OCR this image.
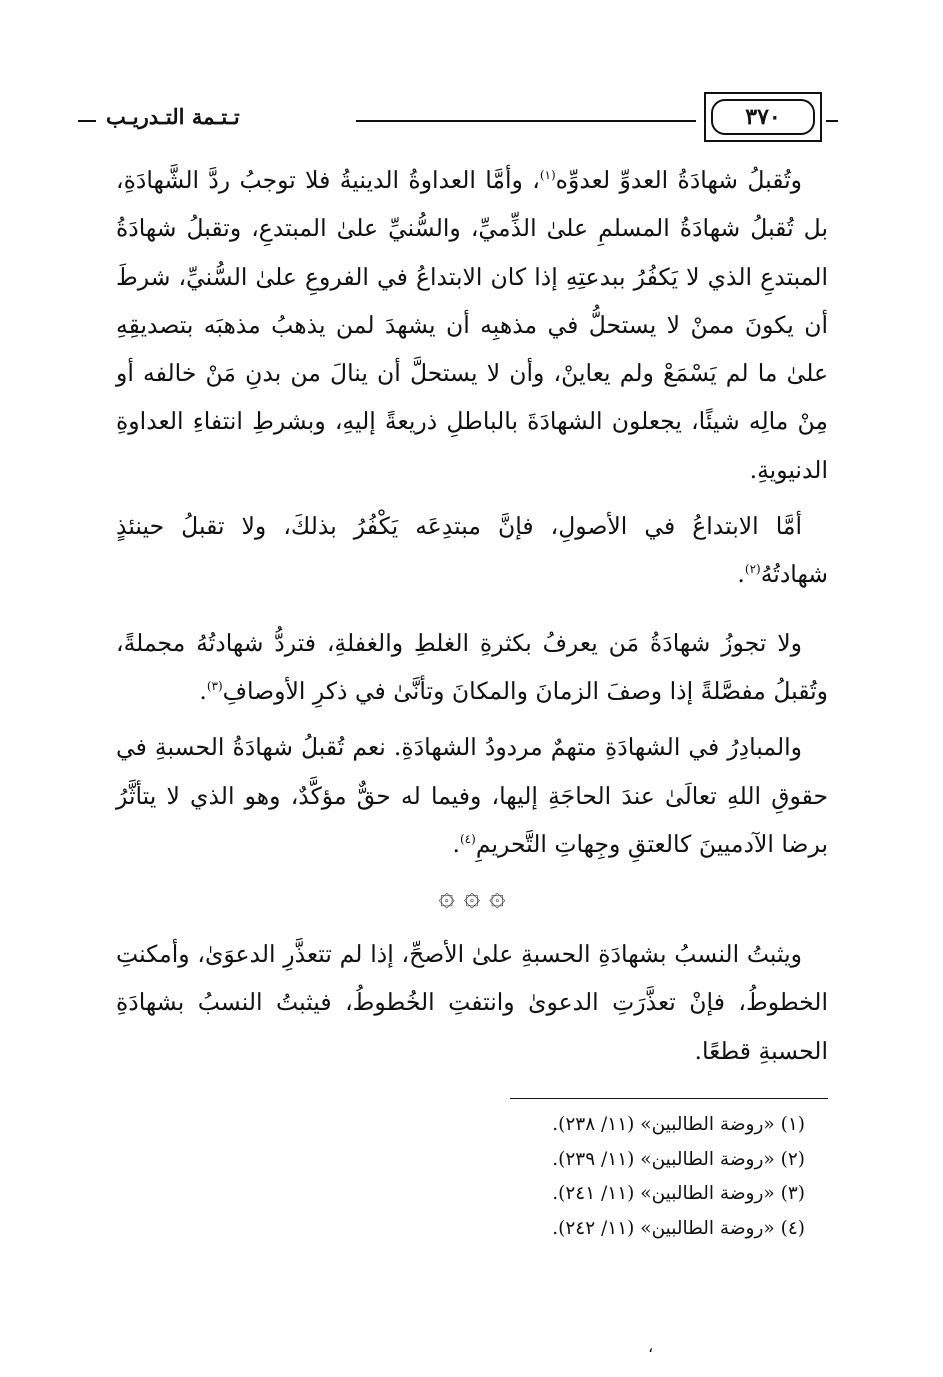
٣٧٠
تـتـمة التـدريـب

وتُقبلُ شهادَةُ العدوِّ لعدوِّه$^{(١)}$، وأمَّا العداوةُ الدينيةُ فلا توجبُ ردَّ الشَّهادَةِ، بل تُقبلُ شهادَةُ المسلمِ علىٰ الذِّميِّ، والسُّنيِّ علىٰ المبتدعِ، وتقبلُ شهادَةُ المبتدعِ الذي لا يَكفُرُ ببدعتِهِ إذا كان الابتداعُ في الفروعِ علىٰ السُّنيِّ، شرطَ أن يكونَ ممنْ لا يستحلُّ في مذهبِه أن يشهدَ لمن يذهبُ مذهبَه بتصديقِهِ علىٰ ما لم يَسْمَعْ ولم يعاينْ، وأن لا يستحلَّ أن ينالَ من بدنِ مَنْ خالفه أو مِنْ مالِه شيئًا، يجعلون الشهادَةَ بالباطلِ ذريعةً إليهِ، وبشرطِ انتفاءِ العداوةِ الدنيويةِ.

أمَّا الابتداعُ في الأصولِ، فإنَّ مبتدِعَه يَكْفُرُ بذلكَ، ولا تقبلُ حينئذٍ شهادتُهُ$^{(٢)}$.

ولا تجوزُ شهادَةُ مَن يعرفُ بكثرةِ الغلطِ والغفلةِ، فتردُّ شهادتُهُ مجملةً، وتُقبلُ مفصَّلةً إذا وصفَ الزمانَ والمكانَ وتأنَّىٰ في ذكرِ الأوصافِ$^{(٣)}$.

والمبادِرُ في الشهادَةِ متهمٌ مردودُ الشهادَةِ. نعم تُقبلُ شهادَةُ الحسبةِ في حقوقِ اللهِ تعالَىٰ عندَ الحاجَةِ إليها، وفيما له حقٌّ مؤكَّدٌ، وهو الذي لا يتأثَّرُ برضا الآدميينَ كالعتقِ وجِهاتِ التَّحريمِ$^{(٤)}$.

۞ ۞ ۞

ويثبتُ النسبُ بشهادَةِ الحسبةِ علىٰ الأصحِّ، إذا لم تتعذَّرِ الدعوَىٰ، وأمكنتِ الخطوطُ، فإنْ تعذَّرَتِ الدعوىٰ وانتفتِ الخُطوطُ، فيثبتُ النسبُ بشهادَةِ الحسبةِ قطعًا.

(١) «روضة الطالبين» (١١/ ٢٣٨).
(٢) «روضة الطالبين» (١١/ ٢٣٩).
(٣) «روضة الطالبين» (١١/ ٢٤١).
(٤) «روضة الطالبين» (١١/ ٢٤٢).
،
